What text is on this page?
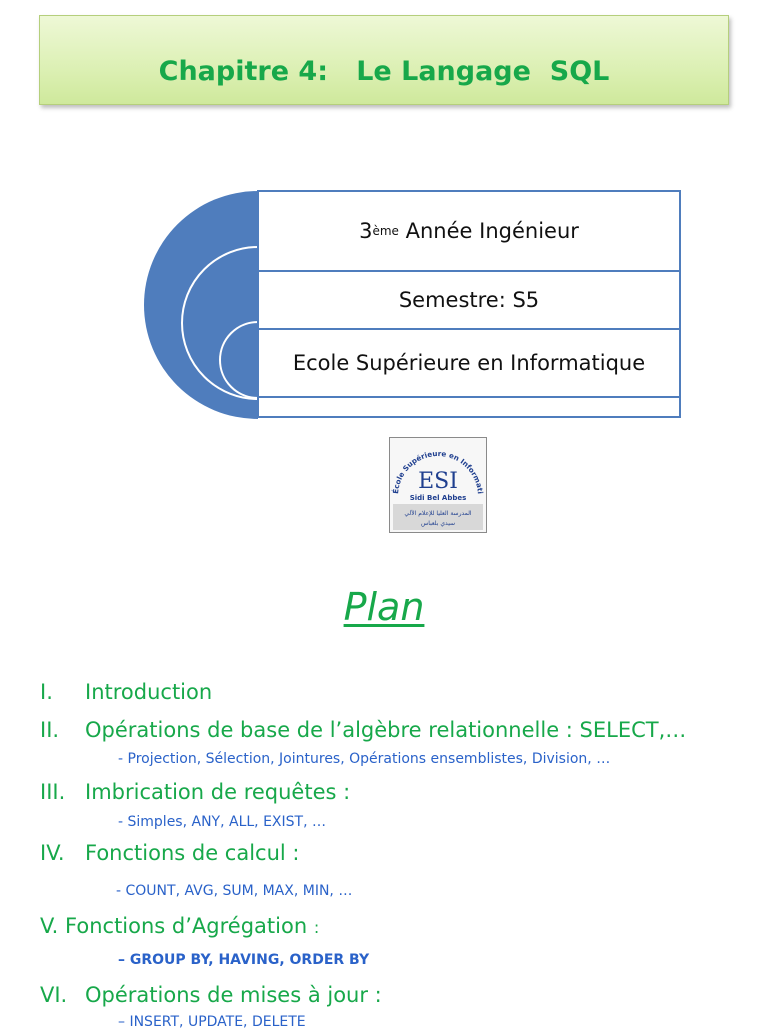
Chapitre 4:   Le Langage  SQL
3 ème Année Ingénieur
Semestre: S5
Ecole Supérieure en Informatique
École Supérieure en Informati
ESI
Sidi Bel Abbes
المدرسة العليا للإعلام الآلي
سيدي بلعباس
Plan
I. Introduction
II. Opérations de base de l’algèbre relationnelle : SELECT,…
- Projection, Sélection, Jointures, Opérations ensemblistes, Division, …
III. Imbrication de requêtes :
- Simples, ANY, ALL, EXIST, …
IV. Fonctions de calcul :
- COUNT, AVG, SUM, MAX, MIN, …
V. Fonctions d’Agrégation :
– GROUP BY, HAVING, ORDER BY
VI. Opérations de mises à jour :
– INSERT, UPDATE, DELETE
